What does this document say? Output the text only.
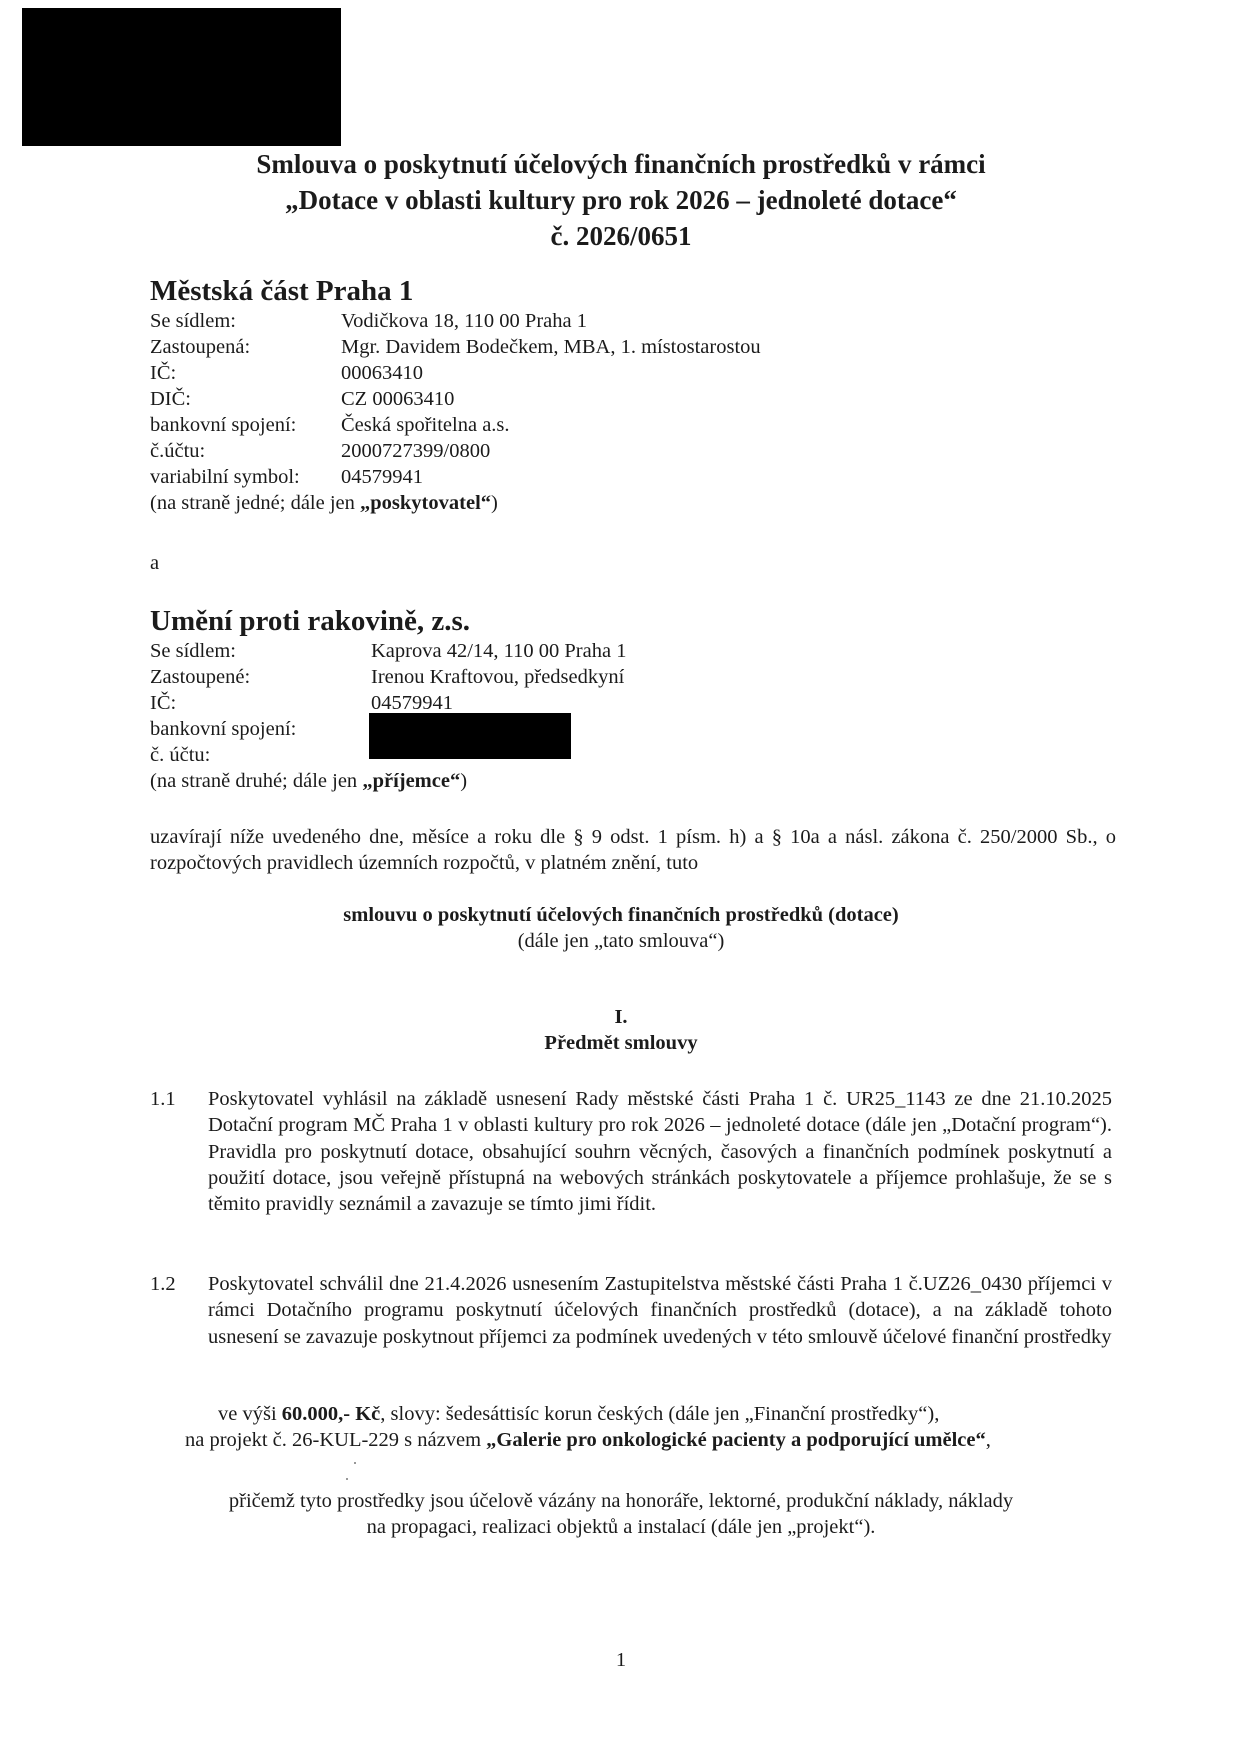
Smlouva o poskytnutí účelových finančních prostředků v rámci
„Dotace v oblasti kultury pro rok 2026 – jednoleté dotace“
č. 2026/0651
Městská část Praha 1
Se sídlem:	Vodičkova 18, 110 00 Praha 1
Zastoupená:	Mgr. Davidem Bodečkem, MBA, 1. místostarostou
IČ:	00063410
DIČ:	CZ 00063410
bankovní spojení: Česká spořitelna a.s.
č.účtu:	2000727399/0800
variabilní symbol: 04579941
(na straně jedné; dále jen „poskytovatel“)
a
Umění proti rakovině, z.s.
Se sídlem:	Kaprova 42/14, 110 00 Praha 1
Zastoupené:	Irenou Kraftovou, předsedkyní
IČ:	04579941
bankovní spojení:
č. účtu:
(na straně druhé; dále jen „příjemce“)
uzavírají níže uvedeného dne, měsíce a roku dle § 9 odst. 1 písm. h) a § 10a a násl. zákona č. 250/2000 Sb., o rozpočtových pravidlech územních rozpočtů, v platném znění, tuto
smlouvu o poskytnutí účelových finančních prostředků (dotace)
(dále jen „tato smlouva“)
I.
Předmět smlouvy
1.1 Poskytovatel vyhlásil na základě usnesení Rady městské části Praha 1 č. UR25_1143 ze dne 21.10.2025 Dotační program MČ Praha 1 v oblasti kultury pro rok 2026 – jednoleté dotace (dále jen „Dotační program“). Pravidla pro poskytnutí dotace, obsahující souhrn věcných, časových a finančních podmínek poskytnutí a použití dotace, jsou veřejně přístupná na webových stránkách poskytovatele a příjemce prohlašuje, že se s těmito pravidly seznámil a zavazuje se tímto jimi řídit.
1.2 Poskytovatel schválil dne 21.4.2026 usnesením Zastupitelstva městské části Praha 1 č.UZ26_0430 příjemci v rámci Dotačního programu poskytnutí účelových finančních prostředků (dotace), a na základě tohoto usnesení se zavazuje poskytnout příjemci za podmínek uvedených v této smlouvě účelové finanční prostředky
ve výši 60.000,- Kč, slovy: šedesáttisíc korun českých (dále jen „Finanční prostředky“),
na projekt č. 26-KUL-229 s názvem „Galerie pro onkologické pacienty a podporující umělce“,
přičemž tyto prostředky jsou účelově vázány na honoráře, lektorné, produkční náklady, náklady
na propagaci, realizaci objektů a instalací (dále jen „projekt“).
1
